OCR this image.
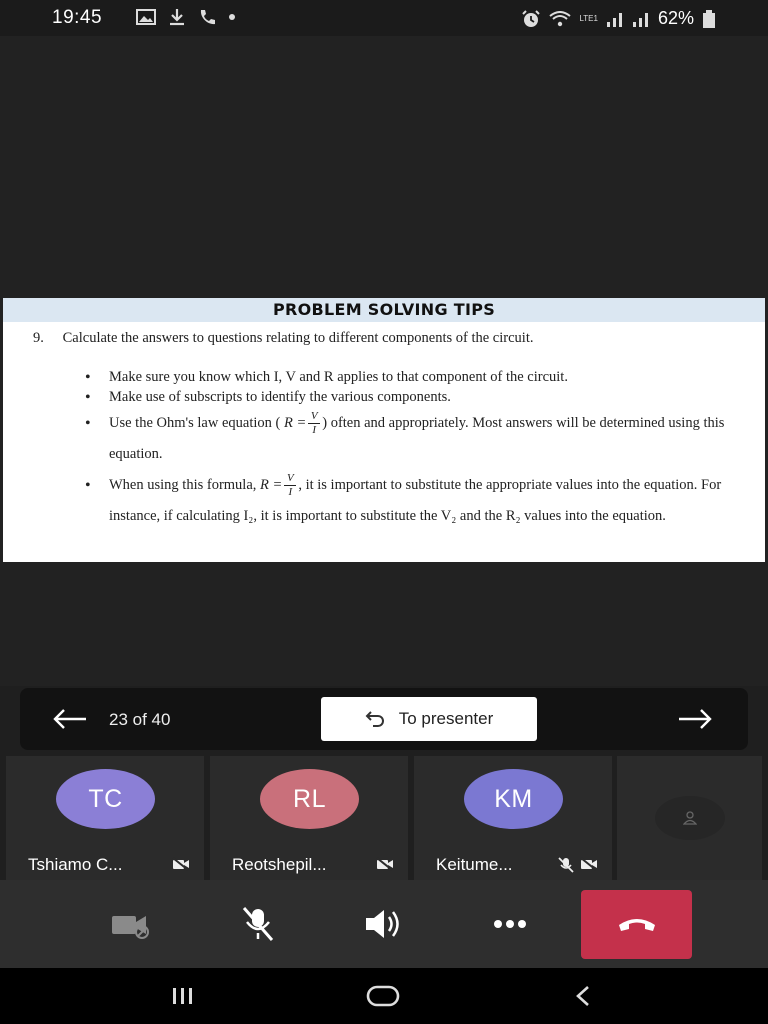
19:45	LTE1	62%
PROBLEM SOLVING TIPS
9. Calculate the answers to questions relating to different components of the circuit.
• Make sure you know which I, V and R applies to that component of the circuit.
• Make use of subscripts to identify the various components.
• Use the Ohm's law equation ( $R = \frac{V}{I}$ ) often and appropriately. Most answers will be determined using this equation.
• When using this formula, $R = \frac{V}{I}$ , it is important to substitute the appropriate values into the equation. For instance, if calculating I₂, it is important to substitute the V₂ and the R₂ values into the equation.
23 of 40	To presenter
TC
Tshiamo C...
RL
Reotshepil...
KM
Keitume...
